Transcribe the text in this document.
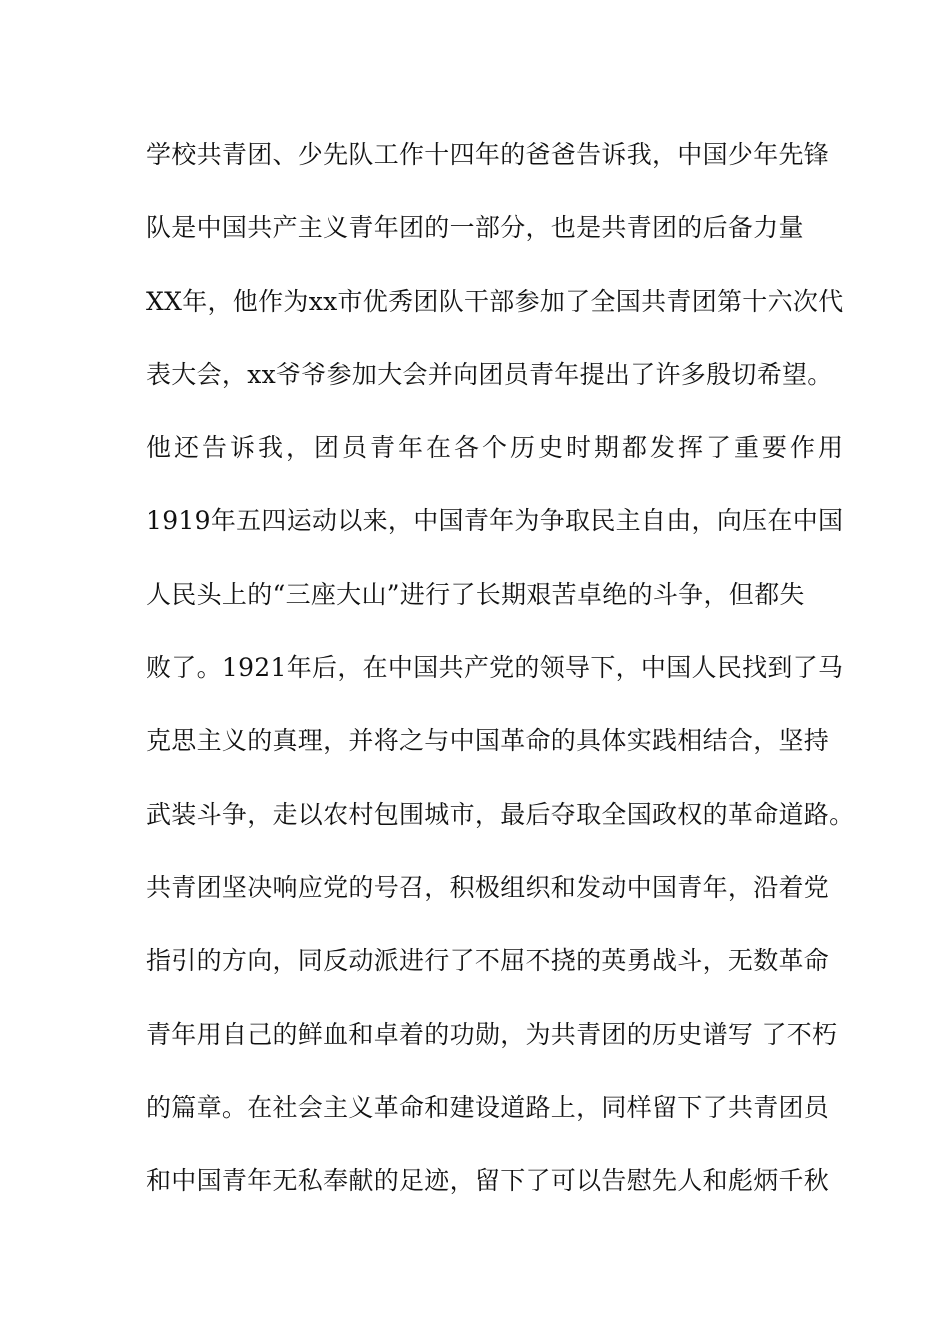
学校共青团、少先队工作十四年的爸爸告诉我，中国少年先锋
队是中国共产主义青年团的一部分，也是共青团的后备力量
XX年，他作为xx市优秀团队干部参加了全国共青团第十六次代
表大会，xx爷爷参加大会并向团员青年提出了许多殷切希望。
他还告诉我，团员青年在各个历史时期都发挥了重要作用
1919年五四运动以来，中国青年为争取民主自由，向压在中国
人民头上的“三座大山”进行了长期艰苦卓绝的斗争，但都失
败了。1921年后，在中国共产党的领导下，中国人民找到了马
克思主义的真理，并将之与中国革命的具体实践相结合，坚持
武装斗争，走以农村包围城市，最后夺取全国政权的革命道路。
共青团坚决响应党的号召，积极组织和发动中国青年，沿着党
指引的方向，同反动派进行了不屈不挠的英勇战斗，无数革命
青年用自己的鲜血和卓着的功勋，为共青团的历史谱写 了不朽
的篇章。在社会主义革命和建设道路上，同样留下了共青团员
和中国青年无私奉献的足迹，留下了可以告慰先人和彪炳千秋
